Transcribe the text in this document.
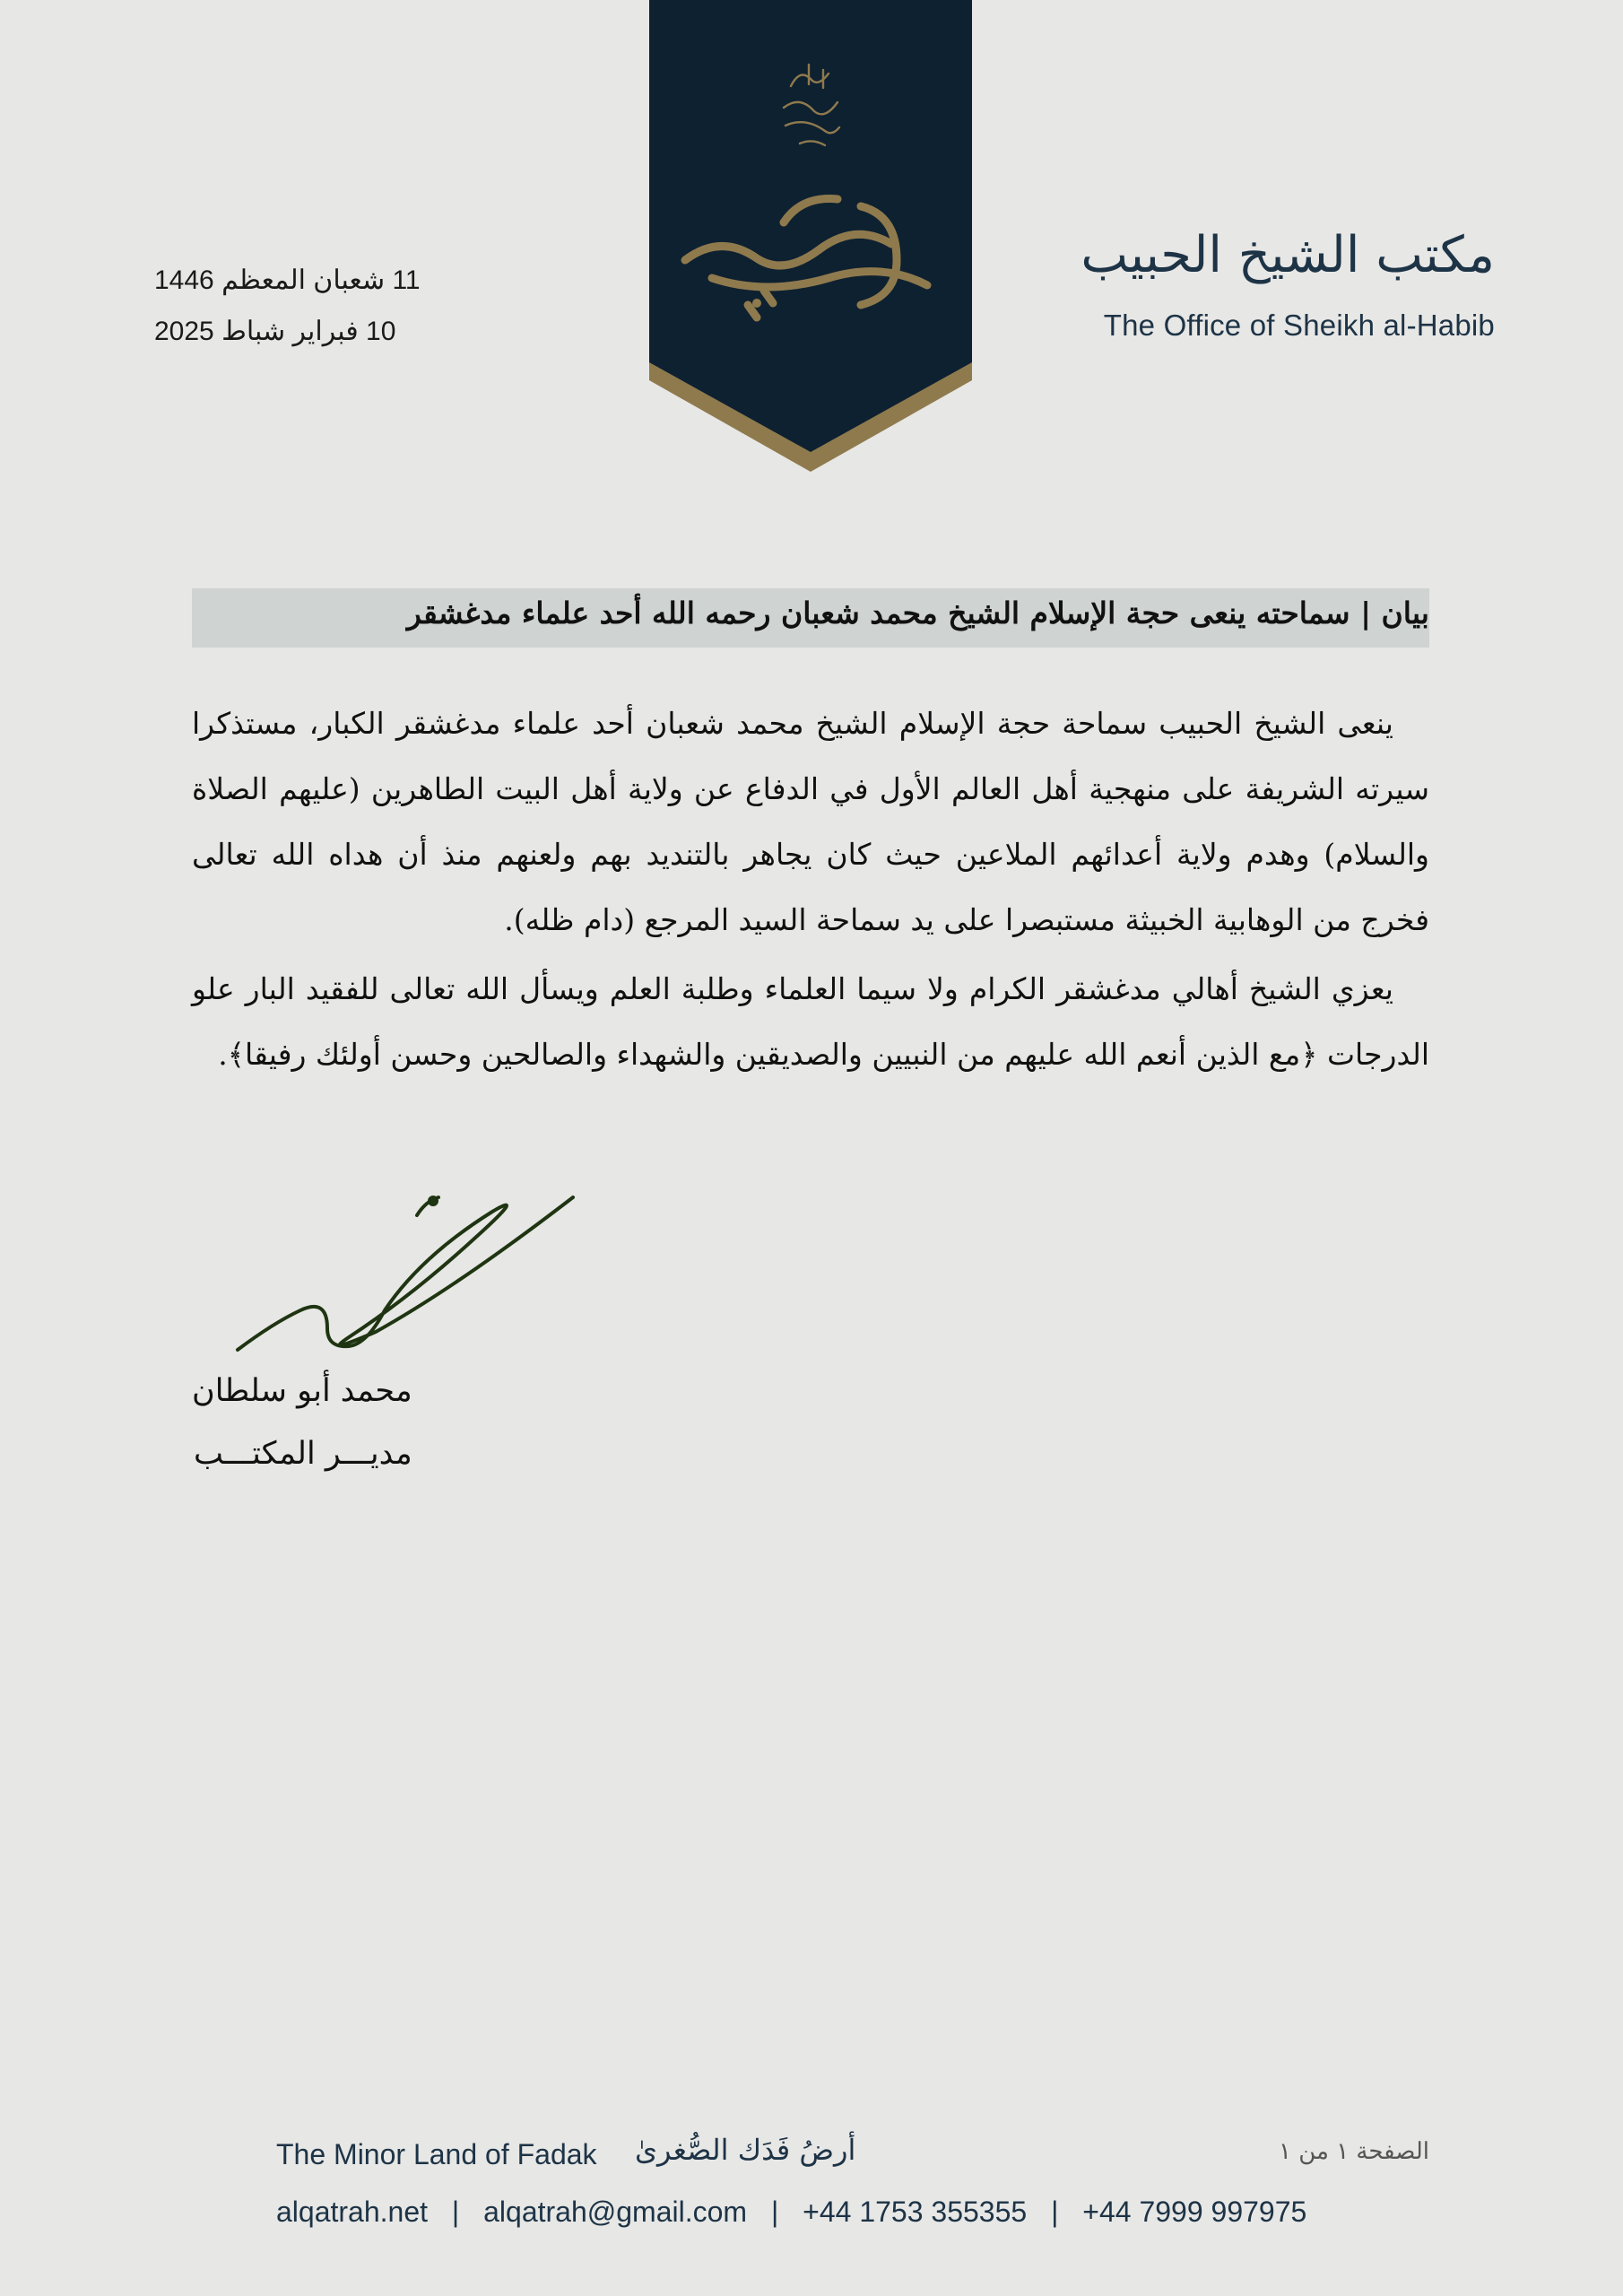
11 شعبان المعظم 1446
10 فبراير شباط 2025
مكتب الشيخ الحبيب
The Office of Sheikh al-Habib
بيان | سماحته ينعى حجة الإسلام الشيخ محمد شعبان رحمه الله أحد علماء مدغشقر

ينعى الشيخ الحبيب سماحة حجة الإسلام الشيخ محمد شعبان أحد علماء مدغشقر الكبار، مستذكرا سيرته الشريفة على منهجية أهل العالم الأول في الدفاع عن ولاية أهل البيت الطاهرين (عليهم الصلاة والسلام) وهدم ولاية أعدائهم الملاعين حيث كان يجاهر بالتنديد بهم ولعنهم منذ أن هداه الله تعالى فخرج من الوهابية الخبيثة مستبصرا على يد سماحة السيد المرجع (دام ظله).

يعزي الشيخ أهالي مدغشقر الكرام ولا سيما العلماء وطلبة العلم ويسأل الله تعالى للفقيد البار علو الدرجات ﴿مع الذين أنعم الله عليهم من النبيين والصديقين والشهداء والصالحين وحسن أولئك رفيقا﴾.

محمد أبو سلطان
مديـــر المكتـــب
The Minor Land of Fadak أرضُ فَدَك الصُّغرىٰ	الصفحة ١ من ١
alqatrah.net | alqatrah@gmail.com | +44 1753 355355 | +44 7999 997975
